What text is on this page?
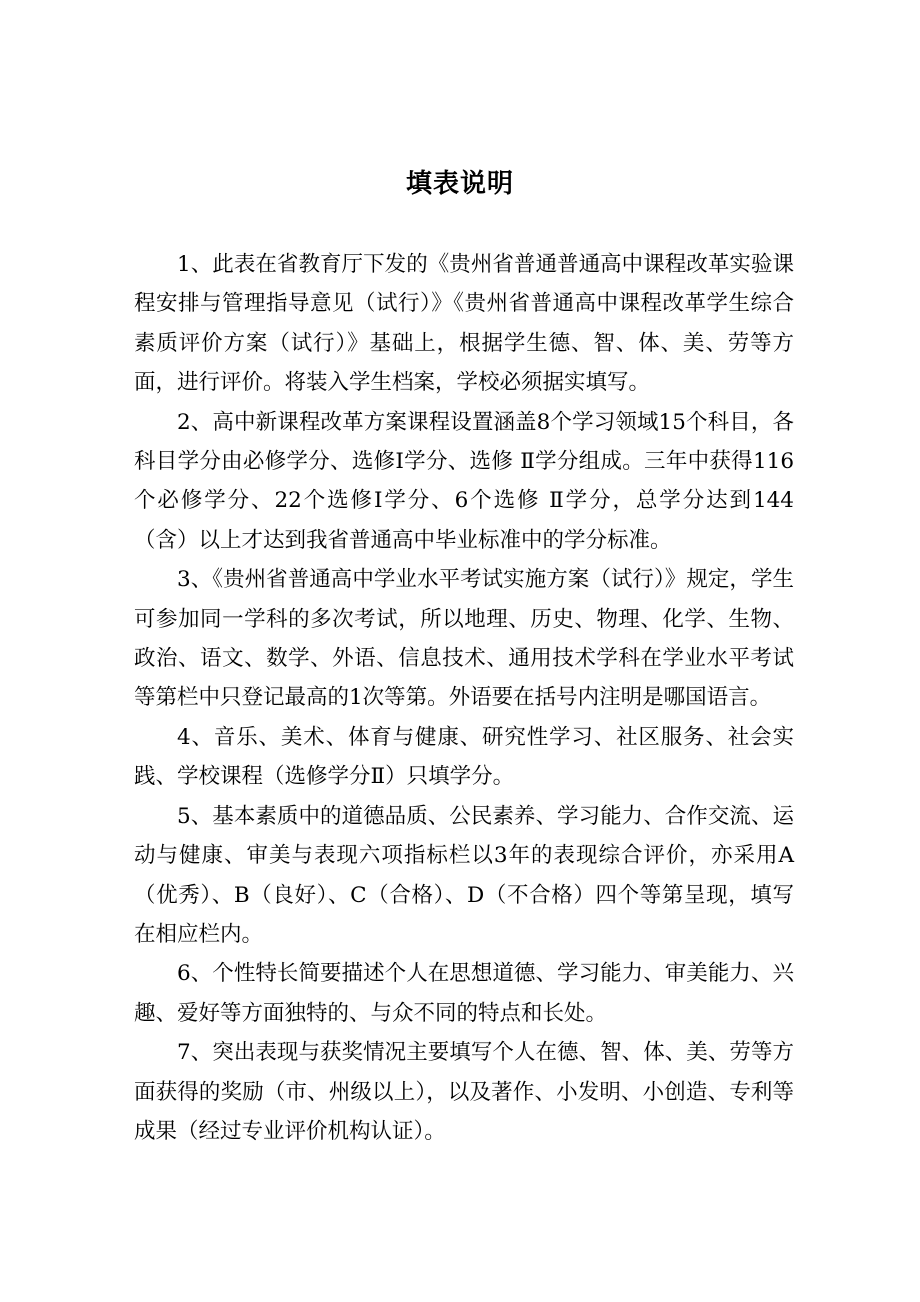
填表说明

1、此表在省教育厅下发的《贵州省普通普通高中课程改革实验课程安排与管理指导意见（试行）》《贵州省普通高中课程改革学生综合素质评价方案（试行）》基础上，根据学生德、智、体、美、劳等方面，进行评价。将装入学生档案，学校必须据实填写。

2、高中新课程改革方案课程设置涵盖8个学习领域15个科目，各科目学分由必修学分、选修Ⅰ学分、选修 Ⅱ学分组成。三年中获得116个必修学分、22个选修Ⅰ学分、6个选修 Ⅱ学分，总学分达到144（含）以上才达到我省普通高中毕业标准中的学分标准。

3、《贵州省普通高中学业水平考试实施方案（试行）》规定，学生可参加同一学科的多次考试，所以地理、历史、物理、化学、生物、政治、语文、数学、外语、信息技术、通用技术学科在学业水平考试等第栏中只登记最高的1次等第。外语要在括号内注明是哪国语言。

4、音乐、美术、体育与健康、研究性学习、社区服务、社会实践、学校课程（选修学分Ⅱ）只填学分。

5、基本素质中的道德品质、公民素养、学习能力、合作交流、运动与健康、审美与表现六项指标栏以3年的表现综合评价，亦采用A（优秀）、B（良好）、C（合格）、D（不合格）四个等第呈现，填写在相应栏内。

6、个性特长简要描述个人在思想道德、学习能力、审美能力、兴趣、爱好等方面独特的、与众不同的特点和长处。

7、突出表现与获奖情况主要填写个人在德、智、体、美、劳等方面获得的奖励（市、州级以上），以及著作、小发明、小创造、专利等成果（经过专业评价机构认证）。
